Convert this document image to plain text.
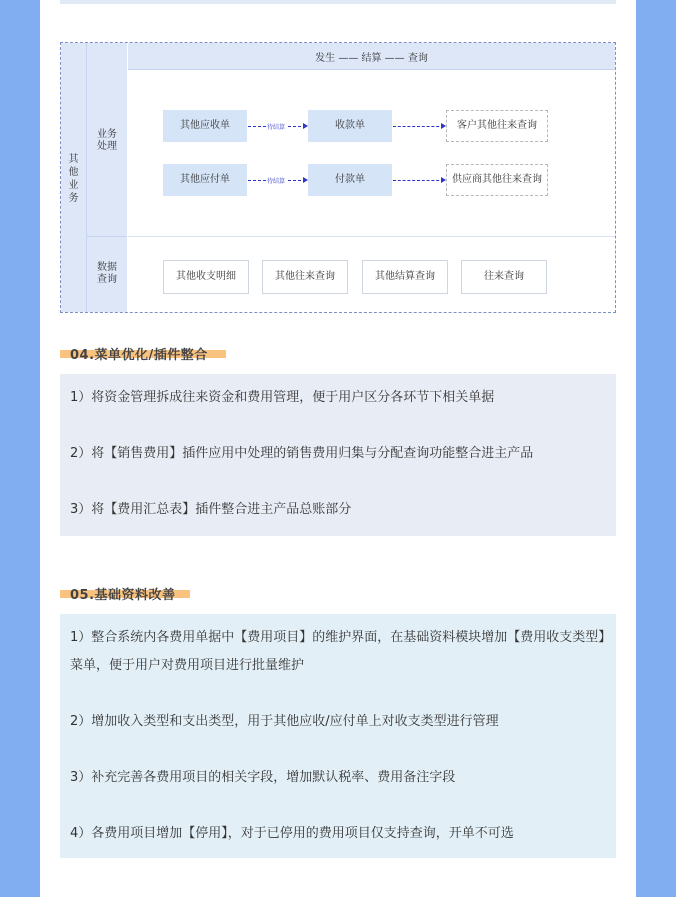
其他业务
业务处理
数据查询
发生 —— 结算 —— 查询
其他应收单	待结算	收款单	客户其他往来查询
其他应付单	待结算	付款单	供应商其他往来查询
其他收支明细	其他往来查询	其他结算查询	往来查询
04.菜单优化/插件整合
1）将资金管理拆成往来资金和费用管理，便于用户区分各环节下相关单据
2）将【销售费用】插件应用中处理的销售费用归集与分配查询功能整合进主产品
3）将【费用汇总表】插件整合进主产品总账部分
05.基础资料改善
1）整合系统内各费用单据中【费用项目】的维护界面，在基础资料模块增加【费用收支类型】菜单，便于用户对费用项目进行批量维护
2）增加收入类型和支出类型，用于其他应收/应付单上对收支类型进行管理
3）补充完善各费用项目的相关字段，增加默认税率、费用备注字段
4）各费用项目增加【停用】，对于已停用的费用项目仅支持查询，开单不可选
